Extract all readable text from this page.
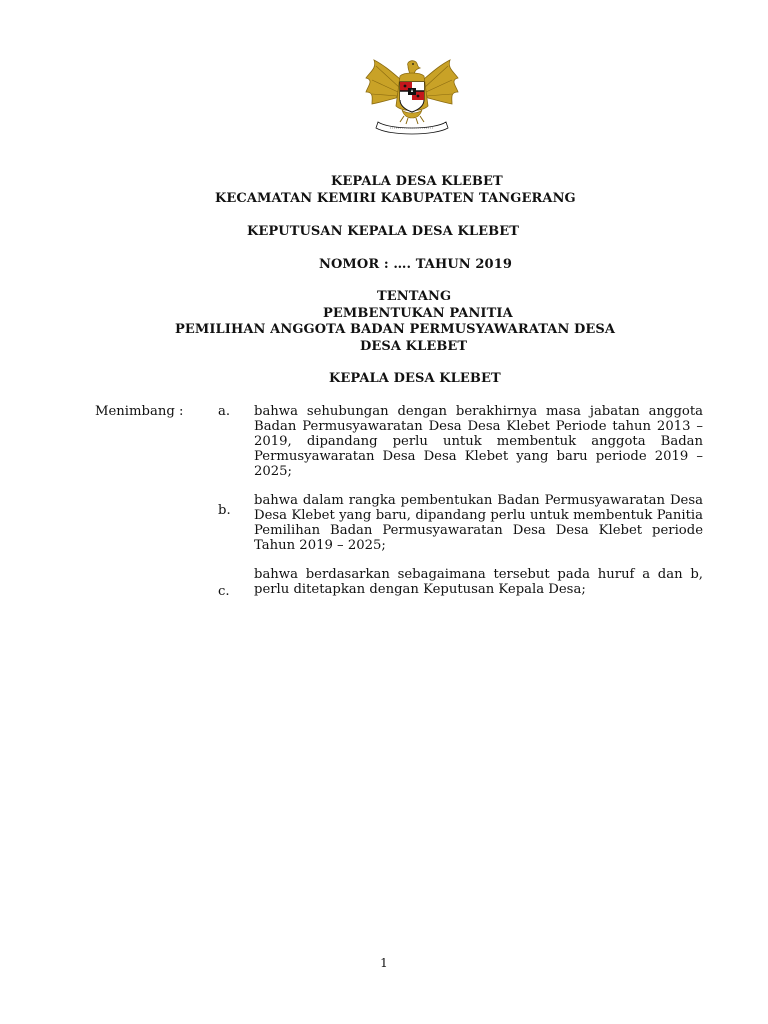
KEPALA DESA KLEBET
KECAMATAN KEMIRI KABUPATEN TANGERANG
KEPUTUSAN KEPALA DESA KLEBET
NOMOR : …. TAHUN 2019
TENTANG
PEMBENTUKAN PANITIA
PEMILIHAN ANGGOTA BADAN PERMUSYAWARATAN DESA
DESA KLEBET
KEPALA DESA KLEBET
Menimbang :	a. bahwa sehubungan dengan berakhirnya masa jabatan anggota Badan Permusyawaratan Desa Desa Klebet Periode tahun 2013 – 2019, dipandang perlu untuk membentuk anggota Badan Permusyawaratan Desa Desa Klebet yang baru periode 2019 – 2025;
b.
bahwa dalam rangka pembentukan Badan Permusyawaratan Desa Desa Klebet yang baru, dipandang perlu untuk membentuk Panitia Pemilihan Badan Permusyawaratan Desa Desa Klebet periode Tahun 2019 – 2025;
c.
bahwa berdasarkan sebagaimana tersebut pada huruf a dan b, perlu ditetapkan dengan Keputusan Kepala Desa;
1
